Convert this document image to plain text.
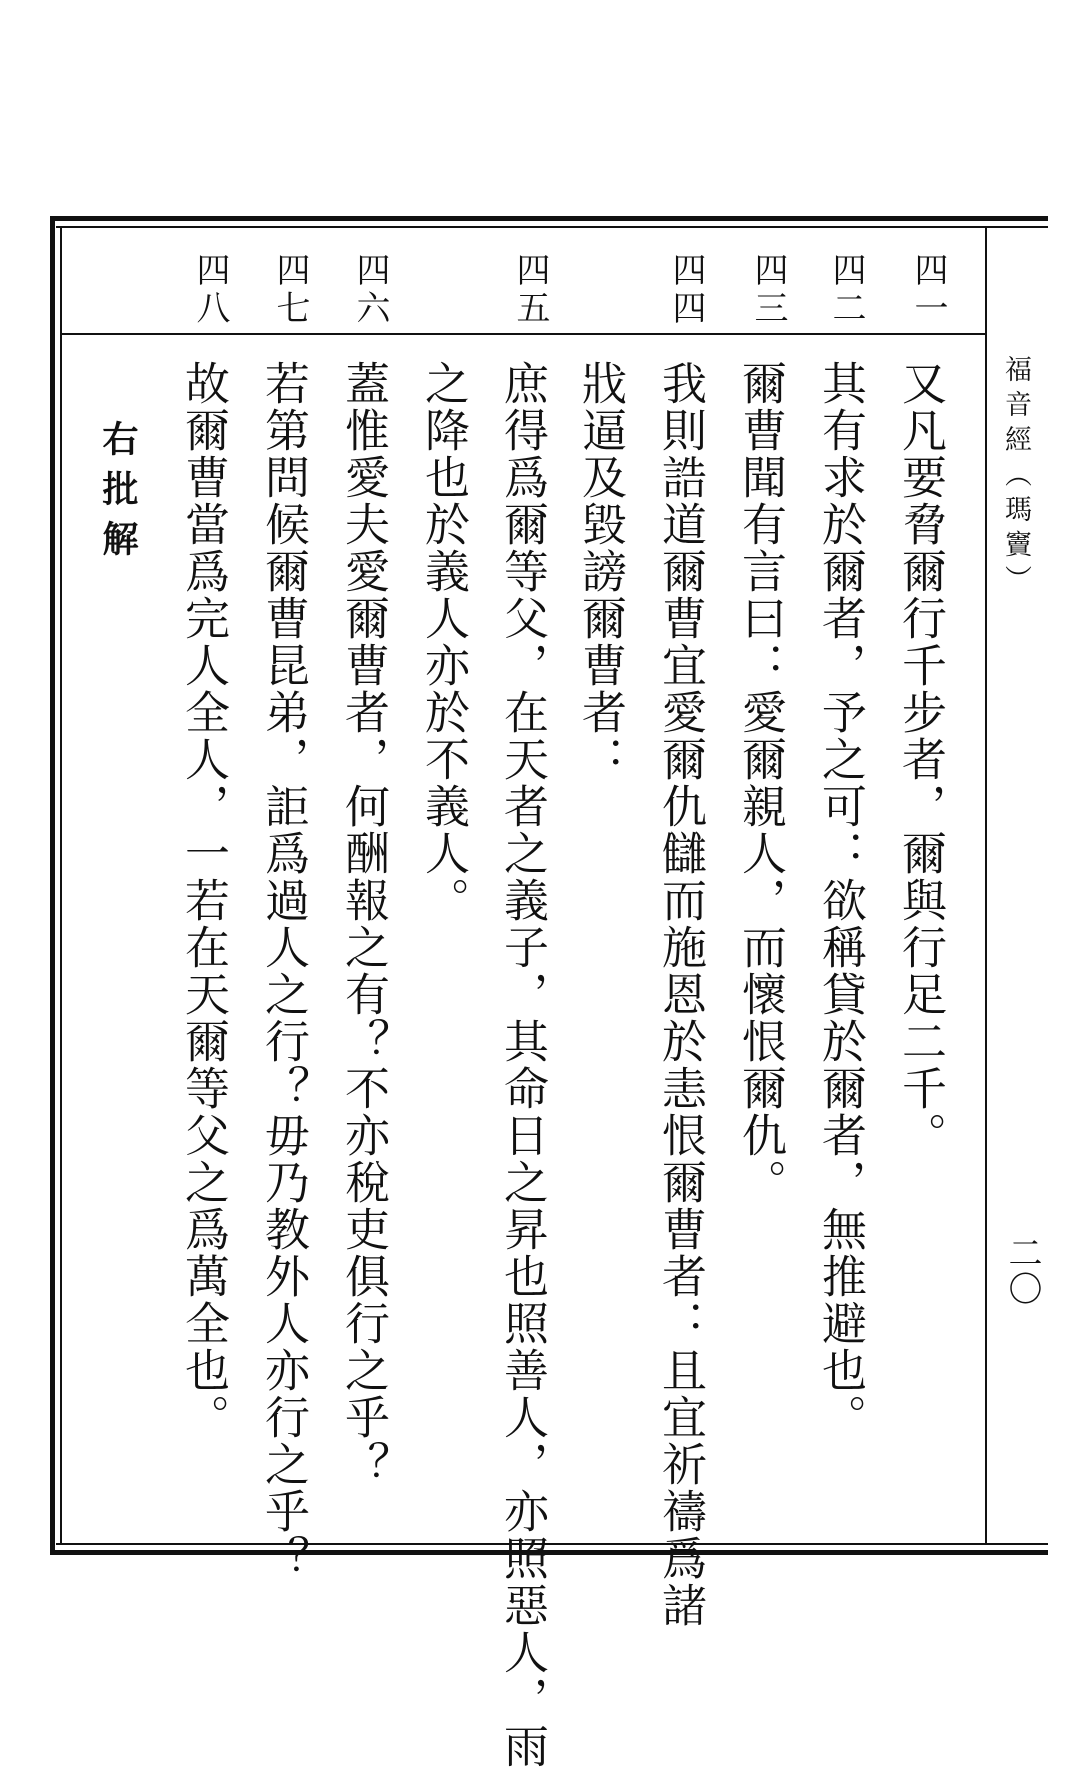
福音經（瑪竇）
二〇
四一
四二
四三
四四
四五
四六
四七
四八
又凡要脅爾行千步者，爾與行足二千。
其有求於爾者，予之可：欲稱貸於爾者，無推避也。
爾曹聞有言曰：愛爾親人，而懷恨爾仇。
我則誥道爾曹宜愛爾仇讎而施恩於恚恨爾曹者：且宜祈禱爲諸
戕逼及毀謗爾曹者：
庶得爲爾等父，在天者之義子，其命日之昇也照善人，亦照惡人，雨
之降也於義人亦於不義人。
蓋惟愛夫愛爾曹者，何酬報之有？不亦稅吏俱行之乎？
若第問候爾曹昆弟，詎爲過人之行？毋乃教外人亦行之乎？
故爾曹當爲完人全人，一若在天爾等父之爲萬全也。
右批解
